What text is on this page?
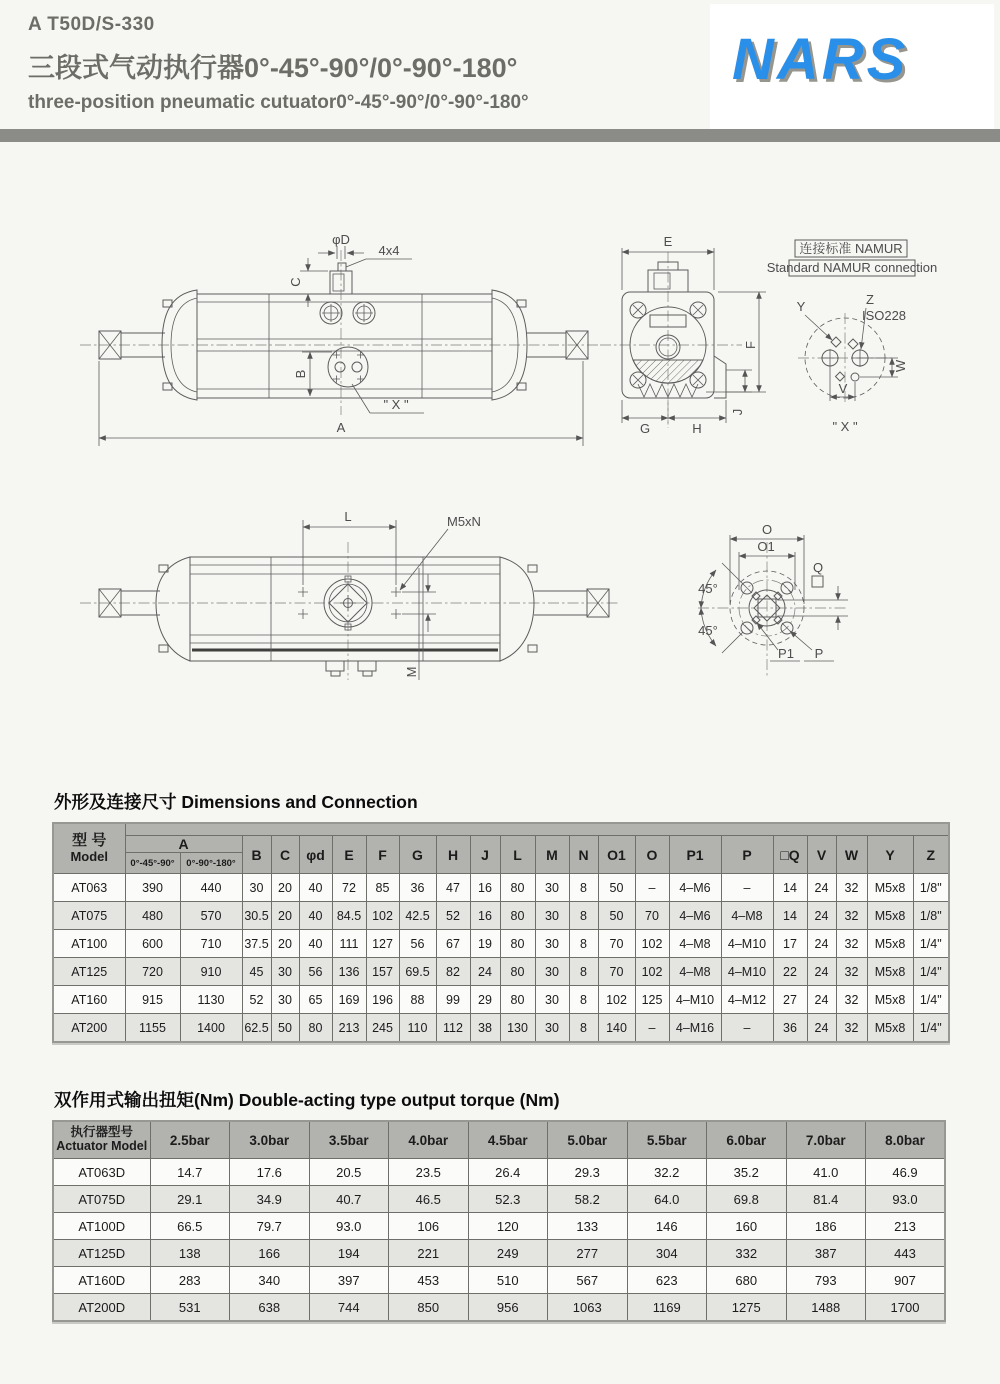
A T50D/S-330
三段式气动执行器0°-45°-90°/0°-90°-180°
three-position pneumatic cutuator0°-45°-90°/0°-90°-180°
NARS
φD
4x4
C
B
" X "
A
E
F
G	H
J
连接标准 NAMUR
Standard NAMUR connection
Y	Z
ISO228
W
V
" X "
L	M5xN
M
O
O1
45°
45°
Q
P1 P
外形及连接尺寸 Dimensions and Connection
型 号
Model																						

	A		B	C	φd	E	F	G	H	J	L	M	N	O1	O	P1	P	□Q	V	W	Y	Z
	0°-45°-90°	0°-90°-180°																				
AT063	390	440	30	20	40	72	85	36	47	16	80	30	8	50	–	4–M6	–	14	24	32	M5x8	1/8"
AT075	480	570	30.5	20	40	84.5	102	42.5	52	16	80	30	8	50	70	4–M6	4–M8	14	24	32	M5x8	1/8"
AT100	600	710	37.5	20	40	111	127	56	67	19	80	30	8	70	102	4–M8	4–M10	17	24	32	M5x8	1/4"
AT125	720	910	45	30	56	136	157	69.5	82	24	80	30	8	70	102	4–M8	4–M10	22	24	32	M5x8	1/4"
AT160	915	1130	52	30	65	169	196	88	99	29	80	30	8	102	125	4–M10	4–M12	27	24	32	M5x8	1/4"
AT200	1155	1400	62.5	50	80	213	245	110	112	38	130	30	8	140	–	4–M16	–	36	24	32	M5x8	1/4"
双作用式输出扭矩(Nm) Double-acting type output torque (Nm)
执行器型号
Actuator Model	2.5bar	3.0bar	3.5bar	4.0bar	4.5bar	5.0bar	5.5bar	6.0bar	7.0bar	8.0bar
AT063D	14.7	17.6	20.5	23.5	26.4	29.3	32.2	35.2	41.0	46.9
AT075D	29.1	34.9	40.7	46.5	52.3	58.2	64.0	69.8	81.4	93.0
AT100D	66.5	79.7	93.0	106	120	133	146	160	186	213
AT125D	138	166	194	221	249	277	304	332	387	443
AT160D	283	340	397	453	510	567	623	680	793	907
AT200D	531	638	744	850	956	1063	1169	1275	1488	1700
